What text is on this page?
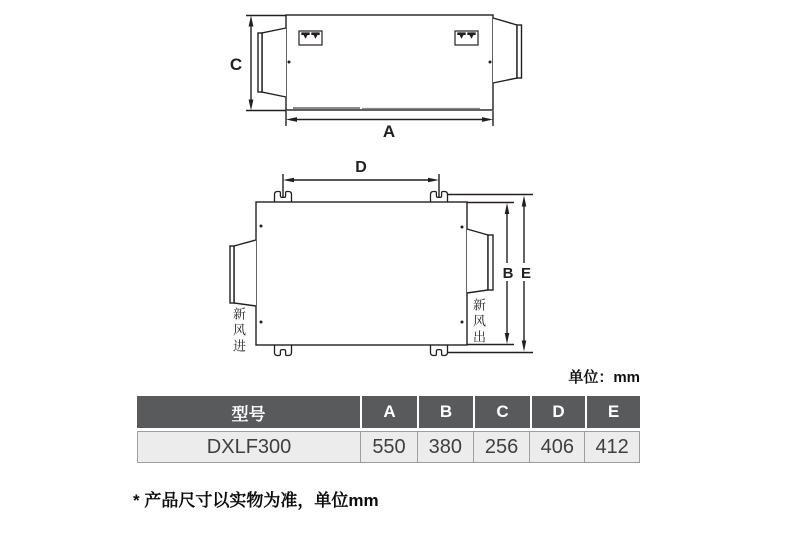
C
A
D
B E
新风进	新风出
单位：mm
型号	A	B	C	D	E
DXLF300	550	380	256	406	412
* 产品尺寸以实物为准，单位mm
